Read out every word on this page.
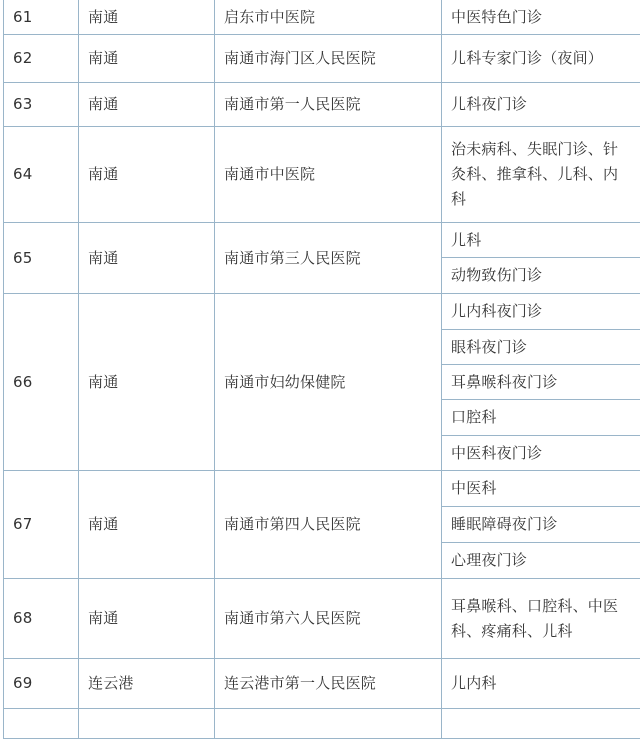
61	南通	启东市中医院	中医特色门诊
62	南通	南通市海门区人民医院	儿科专家门诊（夜间）
63	南通	南通市第一人民医院	儿科夜门诊
64	南通	南通市中医院	治未病科、失眠门诊、针灸科、推拿科、儿科、内科
65	南通	南通市第三人民医院	儿科
			动物致伤门诊
66	南通	南通市妇幼保健院	儿内科夜门诊
			眼科夜门诊
			耳鼻喉科夜门诊
			口腔科
			中医科夜门诊
67	南通	南通市第四人民医院	中医科
			睡眠障碍夜门诊
			心理夜门诊
68	南通	南通市第六人民医院	耳鼻喉科、口腔科、中医科、疼痛科、儿科
69	连云港	连云港市第一人民医院	儿内科
